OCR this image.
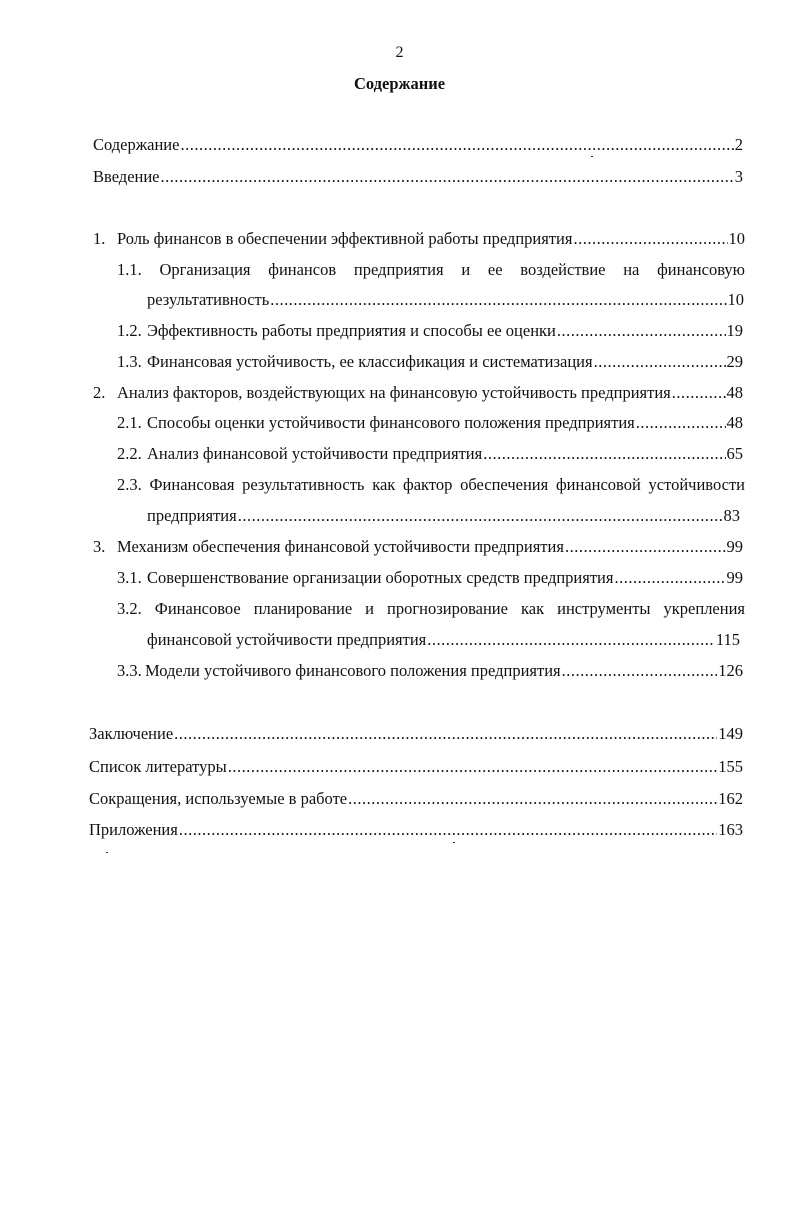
2
Содержание
Содержание .....	2
Введение .....	3
1. Роль финансов в обеспечении эффективной работы предприятия .....	10
1.1. Организация финансов предприятия и ее воздействие на финансовую
результативность .....	10
1.2. Эффективность работы предприятия и способы ее оценки .....	19
1.3. Финансовая устойчивость, ее классификация и систематизация .....	29
2. Анализ факторов, воздействующих на финансовую устойчивость предприятия .....	48
2.1. Способы оценки устойчивости финансового положения предприятия .....	48
2.2. Анализ финансовой устойчивости предприятия .....	65
2.3. Финансовая результативность как фактор обеспечения финансовой устойчивости
предприятия .....	83
3. Механизм обеспечения финансовой устойчивости предприятия .....	99
3.1. Совершенствование организации оборотных средств предприятия .....	99
3.2. Финансовое планирование и прогнозирование как инструменты укрепления
финансовой устойчивости предприятия .....	115
3.3. Модели устойчивого финансового положения предприятия .....	126
Заключение .....	149
Список литературы .....	155
Сокращения, используемые в работе .....	162
Приложения .....	163
